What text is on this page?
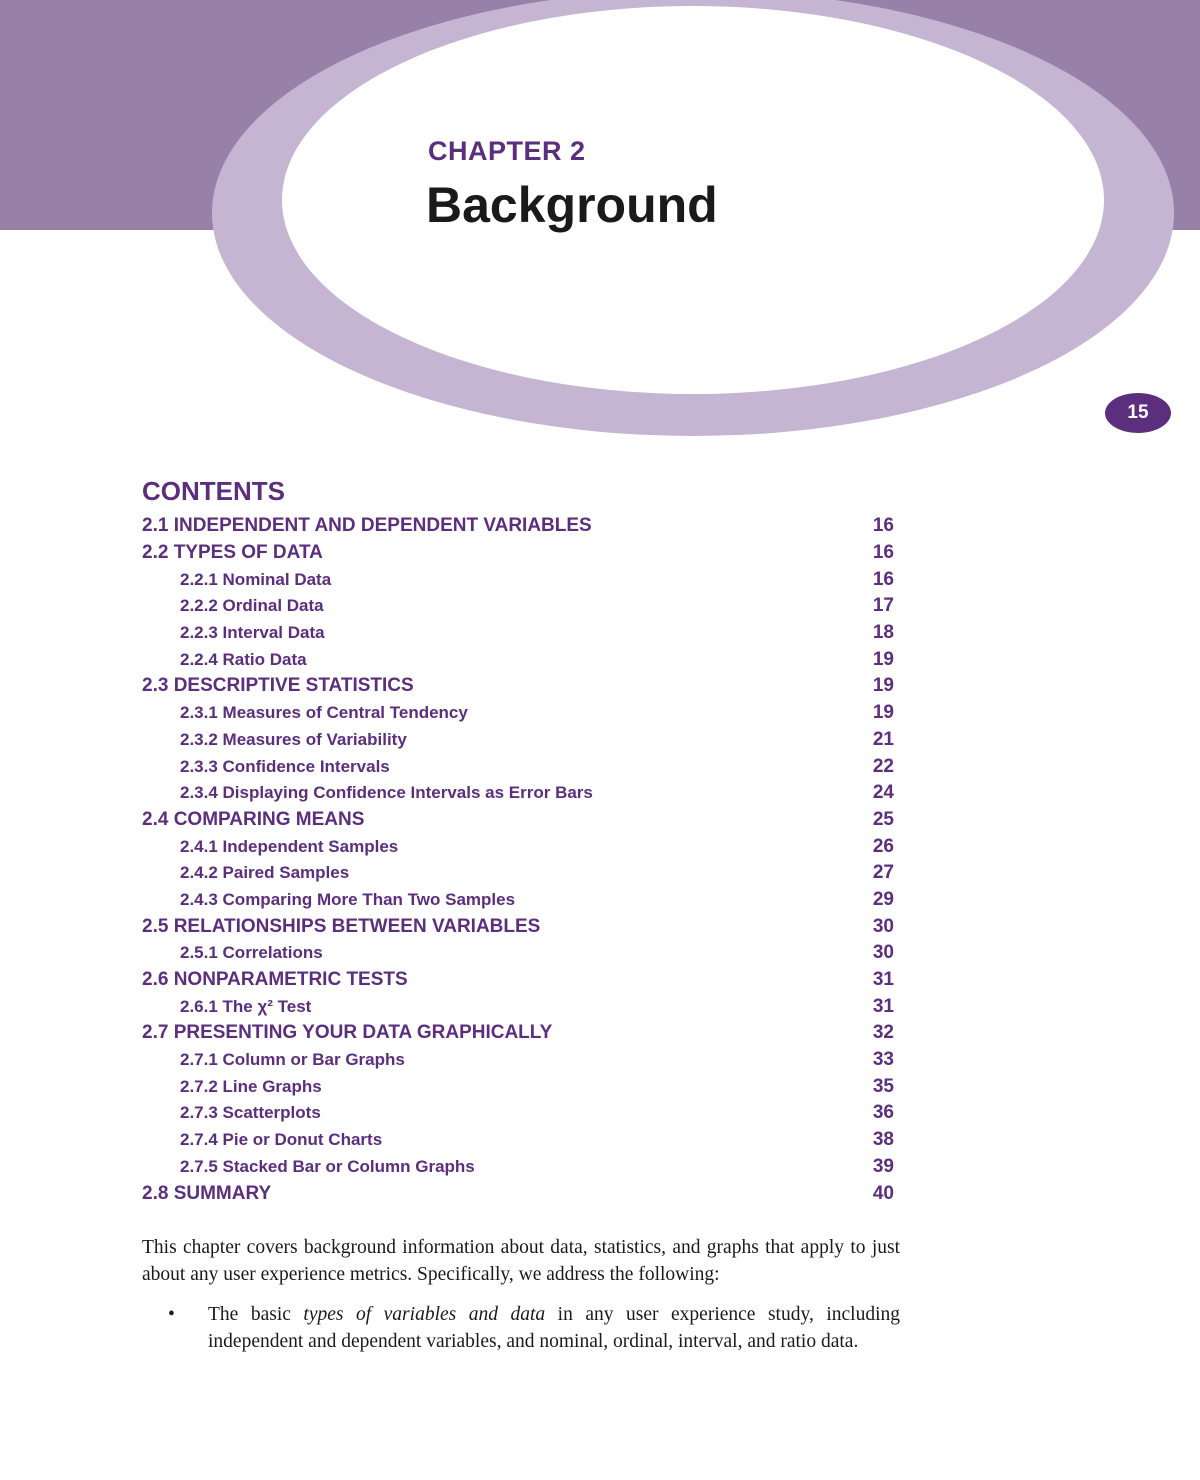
CHAPTER 2
Background
15
CONTENTS
2.1 INDEPENDENT AND DEPENDENT VARIABLES	16
2.2 TYPES OF DATA	16
2.2.1 Nominal Data	16
2.2.2 Ordinal Data	17
2.2.3 Interval Data	18
2.2.4 Ratio Data	19
2.3 DESCRIPTIVE STATISTICS	19
2.3.1 Measures of Central Tendency	19
2.3.2 Measures of Variability	21
2.3.3 Confidence Intervals	22
2.3.4 Displaying Confidence Intervals as Error Bars	24
2.4 COMPARING MEANS	25
2.4.1 Independent Samples	26
2.4.2 Paired Samples	27
2.4.3 Comparing More Than Two Samples	29
2.5 RELATIONSHIPS BETWEEN VARIABLES	30
2.5.1 Correlations	30
2.6 NONPARAMETRIC TESTS	31
2.6.1 The χ² Test	31
2.7 PRESENTING YOUR DATA GRAPHICALLY	32
2.7.1 Column or Bar Graphs	33
2.7.2 Line Graphs	35
2.7.3 Scatterplots	36
2.7.4 Pie or Donut Charts	38
2.7.5 Stacked Bar or Column Graphs	39
2.8 SUMMARY	40
This chapter covers background information about data, statistics, and graphs that apply to just about any user experience metrics. Specifically, we address the following:
• The basic types of variables and data in any user experience study, including independent and dependent variables, and nominal, ordinal, interval, and ratio data.
